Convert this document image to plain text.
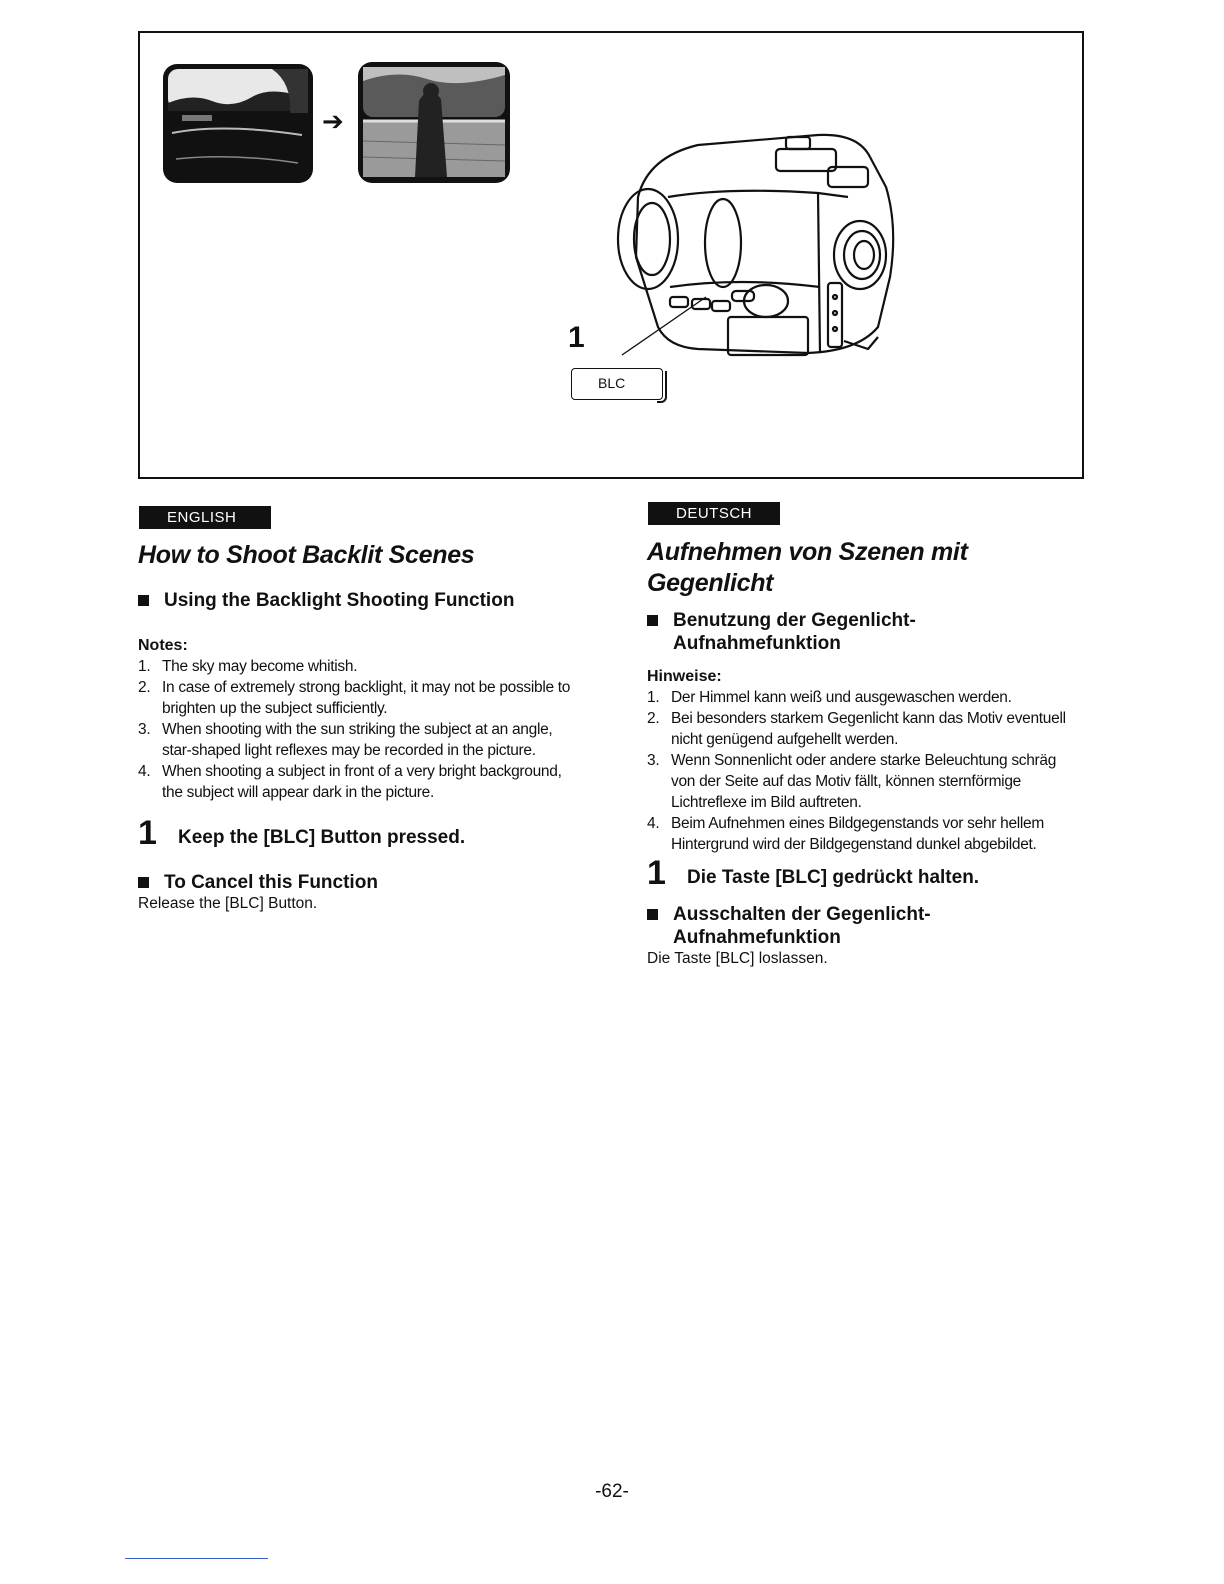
➔
1
BLC
ENGLISH
How to Shoot Backlit Scenes
Using the Backlight Shooting Function

Notes:

1. The sky may become whitish.
2. In case of extremely strong backlight, it may not be possible to brighten up the subject sufficiently.
3. When shooting with the sun striking the subject at an angle, star-shaped light reflexes may be recorded in the picture.
4. When shooting a subject in front of a very bright background, the subject will appear dark in the picture.
1 Keep the [BLC] Button pressed.
To Cancel this Function

Release the [BLC] Button.

DEUTSCH
Aufnehmen von Szenen mit Gegenlicht
Benutzung der Gegenlicht-Aufnahmefunktion

Hinweise:

1. Der Himmel kann weiß und ausgewaschen werden.
2. Bei besonders starkem Gegenlicht kann das Motiv eventuell nicht genügend aufgehellt werden.
3. Wenn Sonnenlicht oder andere starke Beleuchtung schräg von der Seite auf das Motiv fällt, können sternförmige Lichtreflexe im Bild auftreten.
4. Beim Aufnehmen eines Bildgegenstands vor sehr hellem Hintergrund wird der Bildgegenstand dunkel abgebildet.
1 Die Taste [BLC] gedrückt halten.
Ausschalten der Gegenlicht-Aufnahmefunktion

Die Taste [BLC] loslassen.

-62-
